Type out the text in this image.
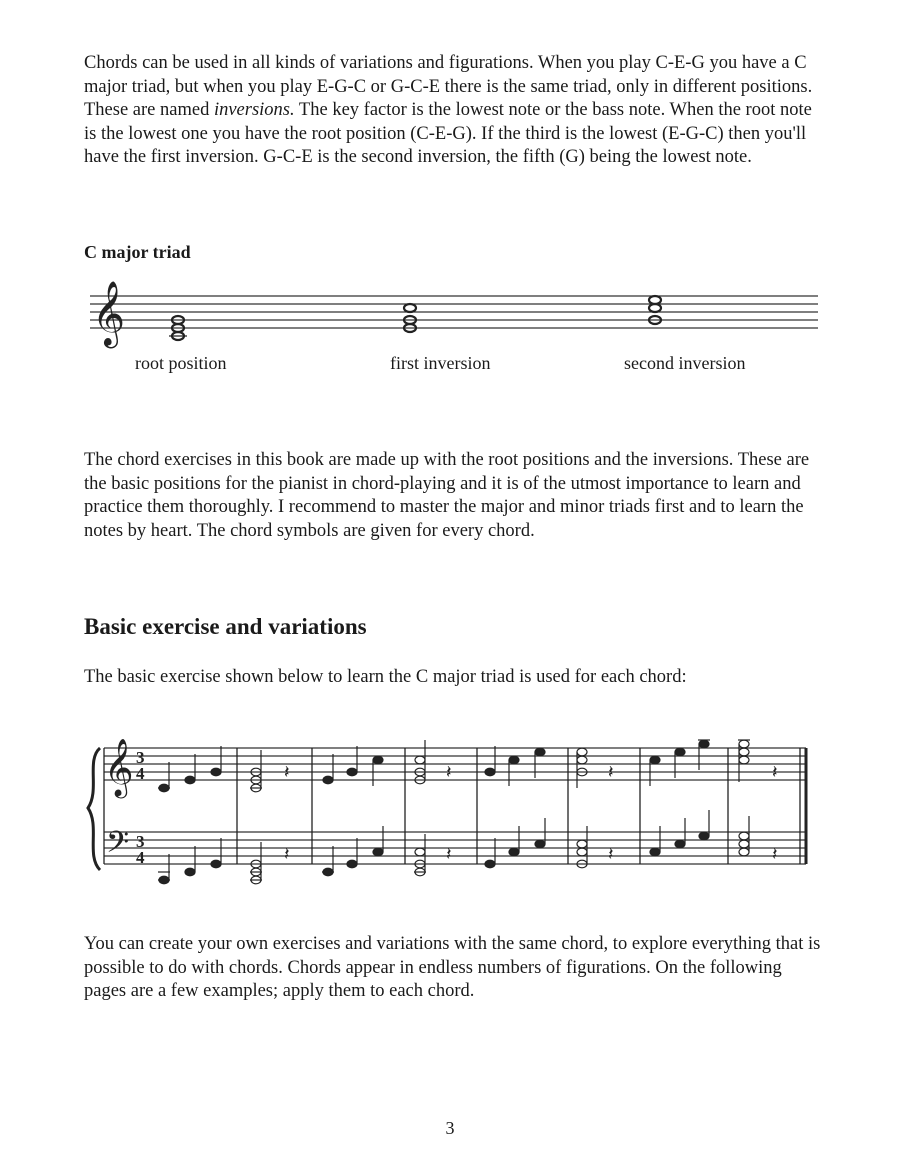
Chords can be used in all kinds of variations and figurations. When you play C-E-G you have a C major triad, but when you play E-G-C or G-C-E there is the same triad, only in different positions. These are named inversions. The key factor is the lowest note or the bass note. When the root note is the lowest one you have the root position (C-E-G). If the third is the lowest (E-G-C) then you'll have the first inversion. G-C-E is the second inversion, the fifth (G) being the lowest note.

C major triad
𝄞

root position	first inversion	second inversion

The chord exercises in this book are made up with the root positions and the inversions. These are the basic positions for the pianist in chord-playing and it is of the utmost importance to learn and practice them thoroughly. I recommend to master the major and minor triads first and to learn the notes by heart. The chord symbols are given for every chord.

Basic exercise and variations

The basic exercise shown below to learn the C major triad is used for each chord:

𝄞
𝄢
3
4
3
4
𝄽	𝄽	𝄽	𝄽
𝄽	𝄽	𝄽	𝄽

You can create your own exercises and variations with the same chord, to explore everything that is possible to do with chords. Chords appear in endless numbers of figurations. On the following pages are a few examples; apply them to each chord.

3
